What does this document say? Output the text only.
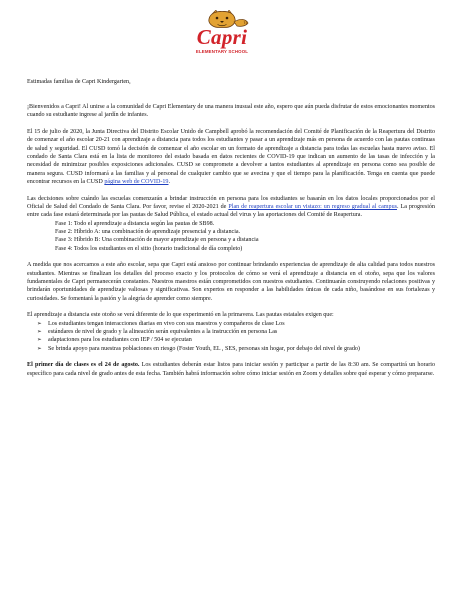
Capri
ELEMENTARY SCHOOL

Estimadas familias de Capri Kindergarten,

¡Bienvenidos a Capri! Al unirse a la comunidad de Capri Elementary de una manera inusual este año, espero que aún pueda disfrutar de estos emocionantes momentos cuando su estudiante ingrese al jardín de infantes.

El 15 de julio de 2020, la Junta Directiva del Distrito Escolar Unido de Campbell aprobó la recomendación del Comité de Planificación de la Reapertura del Distrito de comenzar el año escolar 20-21 con aprendizaje a distancia para todos los estudiantes y pasar a un aprendizaje más en persona de acuerdo con las pautas continuas de salud y seguridad. El CUSD tomó la decisión de comenzar el año escolar en un formato de aprendizaje a distancia para todas las escuelas hasta nuevo aviso. El condado de Santa Clara está en la lista de monitoreo del estado basada en datos recientes de COVID-19 que indican un aumento de las tasas de infección y la necesidad de minimizar posibles exposiciones adicionales. CUSD se compromete a devolver a tantos estudiantes al aprendizaje en persona como sea posible de manera segura. CUSD informará a las familias y al personal de cualquier cambio que se avecina y que el tiempo para la planificación. Tenga en cuenta que puede encontrar recursos en la CUSD página web de COVID-19.

Las decisiones sobre cuándo las escuelas comenzarán a brindar instrucción en persona para los estudiantes se basarán en los datos locales proporcionados por el Oficial de Salud del Condado de Santa Clara. Por favor, revise el 2020-2021 de Plan de reapertura escolar un vistazo: un regreso gradual al campus. La progresión entre cada fase estará determinada por las pautas de Salud Pública, el estado actual del virus y las aportaciones del Comité de Reapertura.

Fase 1: Todo el aprendizaje a distancia según las pautas de SB98.

Fase 2: Híbrido A: una combinación de aprendizaje presencial y a distancia.

Fase 3: Híbrido B: Una combinación de mayor aprendizaje en persona y a distancia

Fase 4: Todos los estudiantes en el sitio (horario tradicional de día completo)

A medida que nos acercamos a este año escolar, sepa que Capri está ansioso por continuar brindando experiencias de aprendizaje de alta calidad para todos nuestros estudiantes. Mientras se finalizan los detalles del proceso exacto y los protocolos de cómo se verá el aprendizaje a distancia en el otoño, sepa que los valores fundamentales de Capri permanecerán constantes. Nuestros maestros están comprometidos con nuestros estudiantes. Continuarán construyendo relaciones positivas y brindarán oportunidades de aprendizaje valiosas y significativas. Son expertos en responder a las habilidades únicas de cada niño, basándose en sus fortalezas y curiosidades. Se fomentará la pasión y la alegría de aprender como siempre.

El aprendizaje a distancia este otoño se verá diferente de lo que experimentó en la primavera. Las pautas estatales exigen que:

➢ Los estudiantes tengan interacciones diarias en vivo con sus maestros y compañeros de clase Los
➢ estándares de nivel de grado y la alineación serán equivalentes a la instrucción en persona Las
➢ adaptaciones para los estudiantes con IEP / 504 se ejecutan
➢ Se brinda apoyo para nuestras poblaciones en riesgo (Foster Youth, EL , SES, personas sin hogar, por debajo del nivel de grado)

El primer día de clases es el 24 de agosto. Los estudiantes deberán estar listos para iniciar sesión y participar a partir de las 8:30 am. Se compartirá un horario específico para cada nivel de grado antes de esta fecha. También habrá información sobre cómo iniciar sesión en Zoom y detalles sobre qué esperar y cómo prepararse.
